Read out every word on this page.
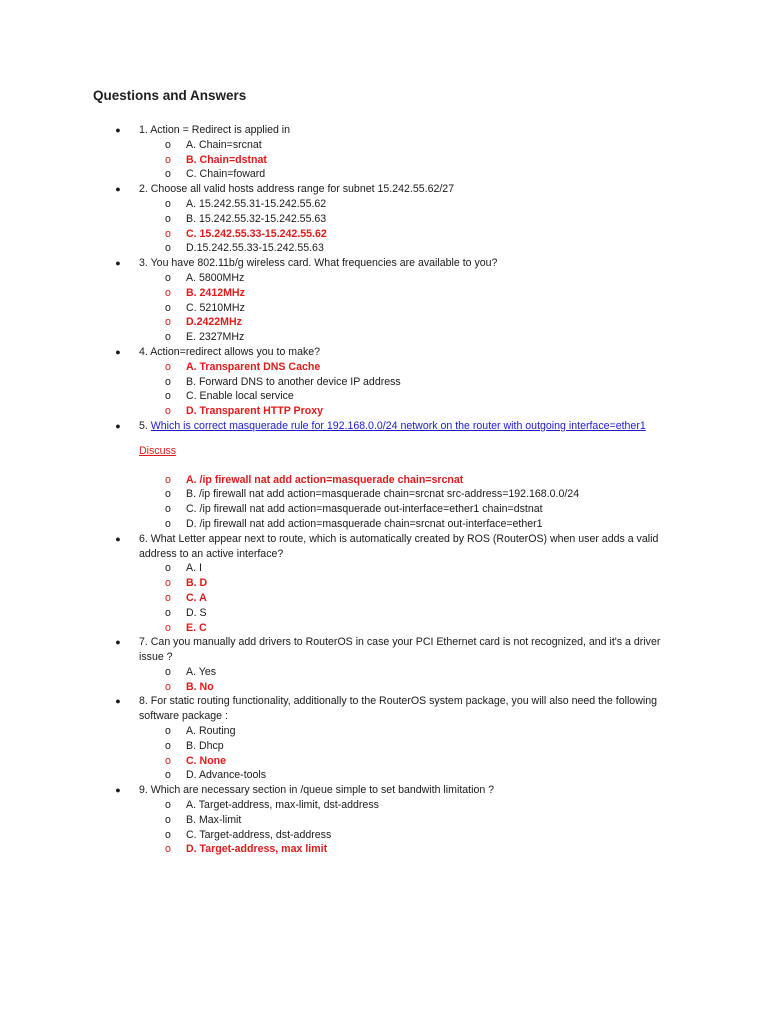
Questions and Answers
● 1. Action = Redirect is applied in
o A. Chain=srcnat
o B. Chain=dstnat
o C. Chain=foward
● 2. Choose all valid hosts address range for subnet 15.242.55.62/27
o A. 15.242.55.31-15.242.55.62
o B. 15.242.55.32-15.242.55.63
o C. 15.242.55.33-15.242.55.62
o D.15.242.55.33-15.242.55.63
● 3. You have 802.11b/g wireless card. What frequencies are available to you?
o A. 5800MHz
o B. 2412MHz
o C. 5210MHz
o D.2422MHz
o E. 2327MHz
● 4. Action=redirect allows you to make?
o A. Transparent DNS Cache
o B. Forward DNS to another device IP address
o C. Enable local service
o D. Transparent HTTP Proxy
● 5. Which is correct masquerade rule for 192.168.0.0/24 network on the router with outgoing interface=ether1
Discuss
o A. /ip firewall nat add action=masquerade chain=srcnat
o B. /ip firewall nat add action=masquerade chain=srcnat src-address=192.168.0.0/24
o C. /ip firewall nat add action=masquerade out-interface=ether1 chain=dstnat
o D. /ip firewall nat add action=masquerade chain=srcnat out-interface=ether1
● 6. What Letter appear next to route, which is automatically created by ROS (RouterOS) when user adds a valid address to an active interface?
o A. I
o B. D
o C. A
o D. S
o E. C
● 7. Can you manually add drivers to RouterOS in case your PCI Ethernet card is not recognized, and it's a driver issue ?
o A. Yes
o B. No
● 8. For static routing functionality, additionally to the RouterOS system package, you will also need the following software package :
o A. Routing
o B. Dhcp
o C. None
o D. Advance-tools
● 9. Which are necessary section in /queue simple to set bandwith limitation ?
o A. Target-address, max-limit, dst-address
o B. Max-limit
o C. Target-address, dst-address
o D. Target-address, max limit
